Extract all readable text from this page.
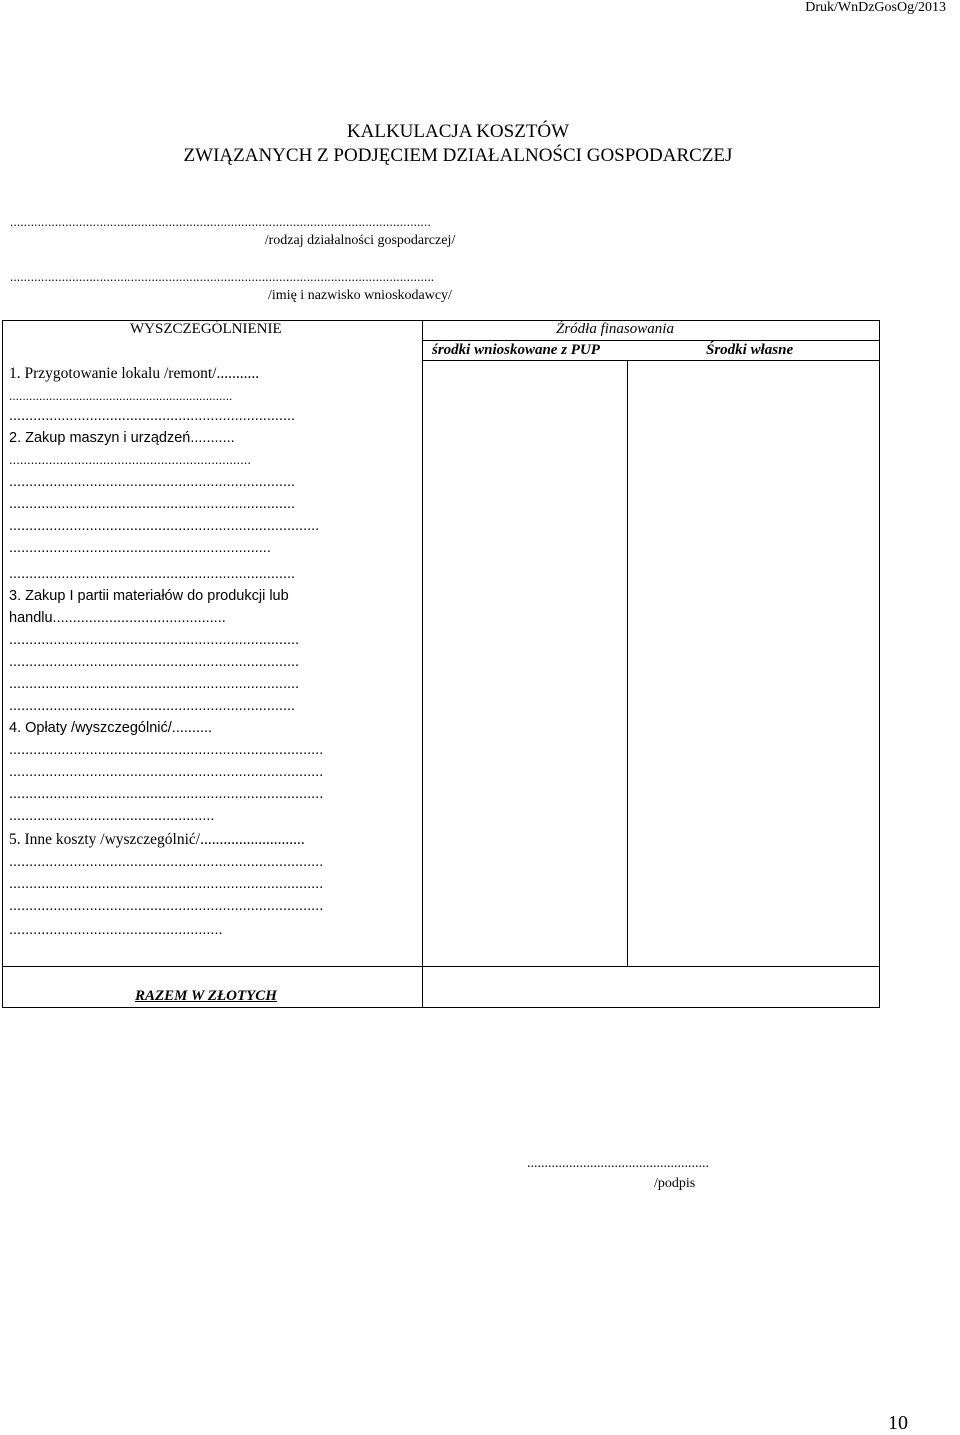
Druk/WnDzGosOg/2013
KALKULACJA KOSZTÓW
ZWIĄZANYCH Z PODJĘCIEM DZIAŁALNOŚCI GOSPODARCZEJ
..........................................................................................................................
/rodzaj działalności gospodarczej/
...........................................................................................................................
/imię i nazwisko wnioskodawcy/
WYSZCZEGÓLNIENIE	Źródła finasowania
środki wnioskowane z PUP	Środki własne
1. Przygotowanie lokalu /remont/...........
...................................................................
.......................................................................
2. Zakup maszyn i urządzeń...........
...................................................................
.......................................................................
.......................................................................
.............................................................................
.................................................................
.......................................................................
3. Zakup I partii materiałów do produkcji lub
handlu...........................................
........................................................................
........................................................................
........................................................................
.......................................................................
4. Opłaty /wyszczególnić/..........
..............................................................................
..............................................................................
..............................................................................
...................................................
5. Inne koszty /wyszczególnić/...........................
..............................................................................
..............................................................................
..............................................................................
.....................................................
RAZEM W ZŁOTYCH
....................................................
/podpis
10
